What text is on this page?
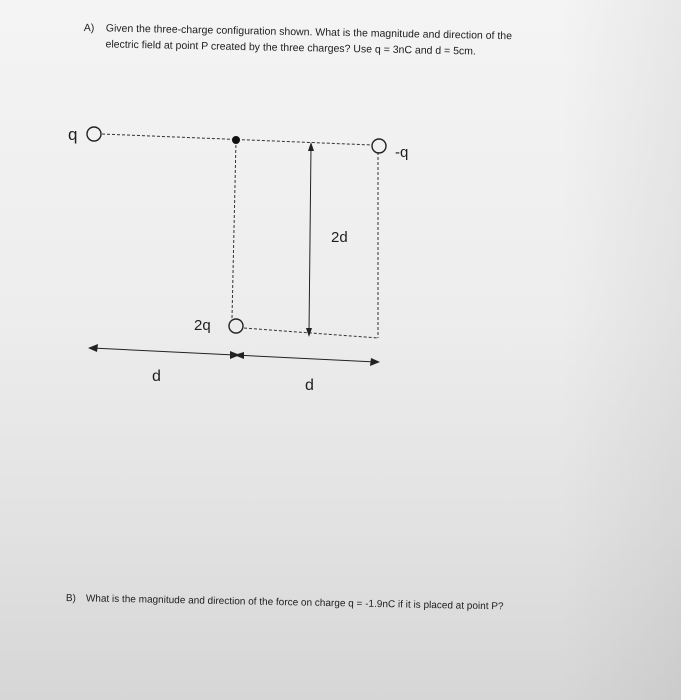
A) Given the three-charge configuration shown. What is the magnitude and direction of the
electric field at point P created by the three charges? Use q = 3nC and d = 5cm.
q
-q
2q
2d
d
d
B) What is the magnitude and direction of the force on charge q = -1.9nC if it is placed at point P?
